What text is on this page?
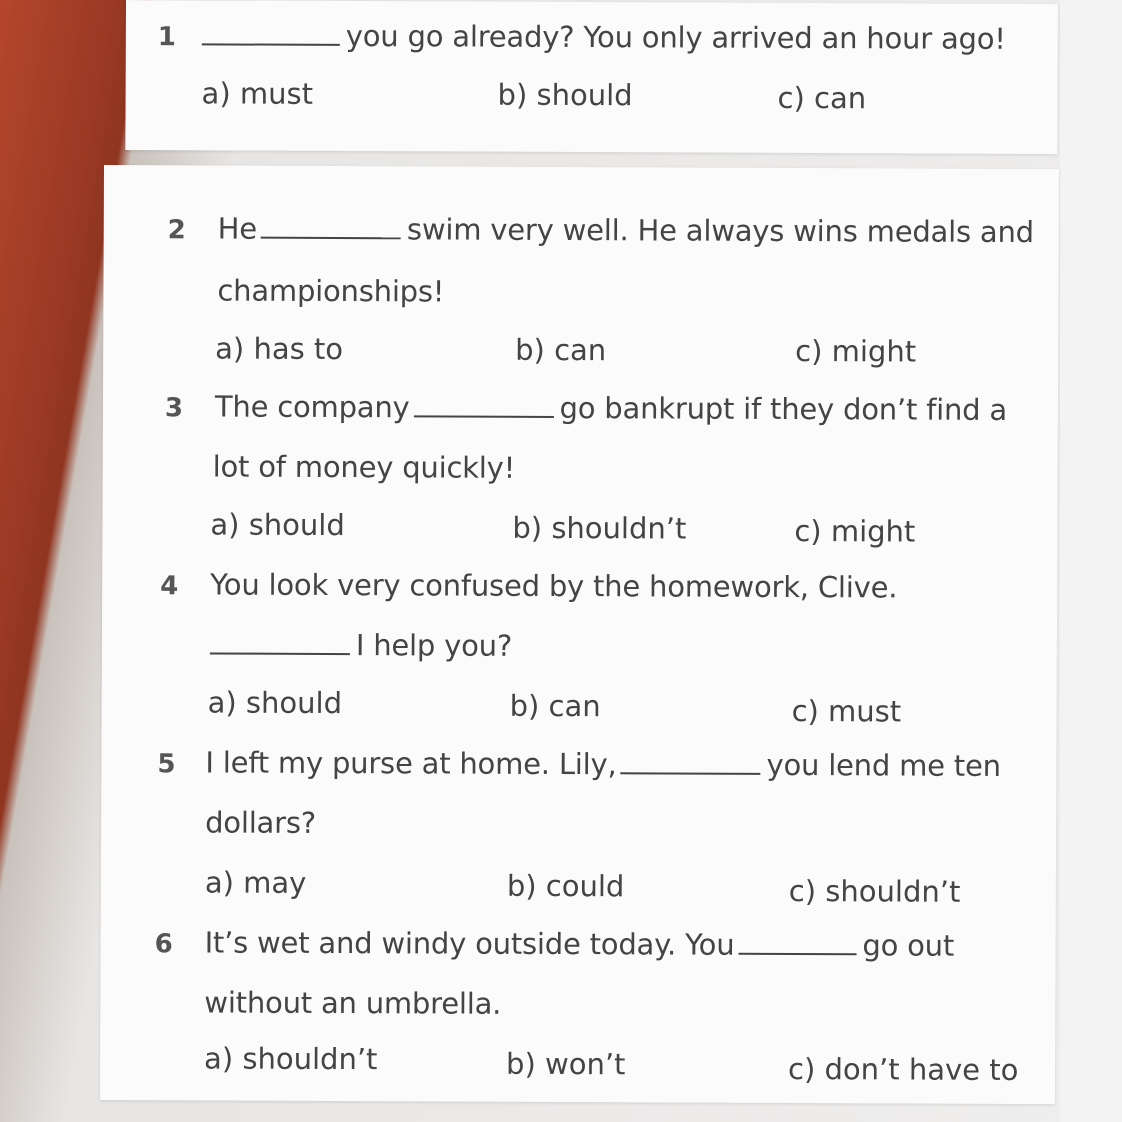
1	you go already? You only arrived an hour ago!
a) must	b) should	c) can
2 He	swim very well. He always wins medals and
championships!
a) has to	b) can	c) might
3 The company	go bankrupt if they don’t find a
lot of money quickly!
a) should	b) shouldn’t	c) might
4 You look very confused by the homework, Clive.
I help you?
a) should	b) can	c) must
5 I left my purse at home. Lily,	you lend me ten
dollars?
a) may	b) could	c) shouldn’t
6 It’s wet and windy outside today. You	go out
without an umbrella.
a) shouldn’t	b) won’t	c) don’t have to
